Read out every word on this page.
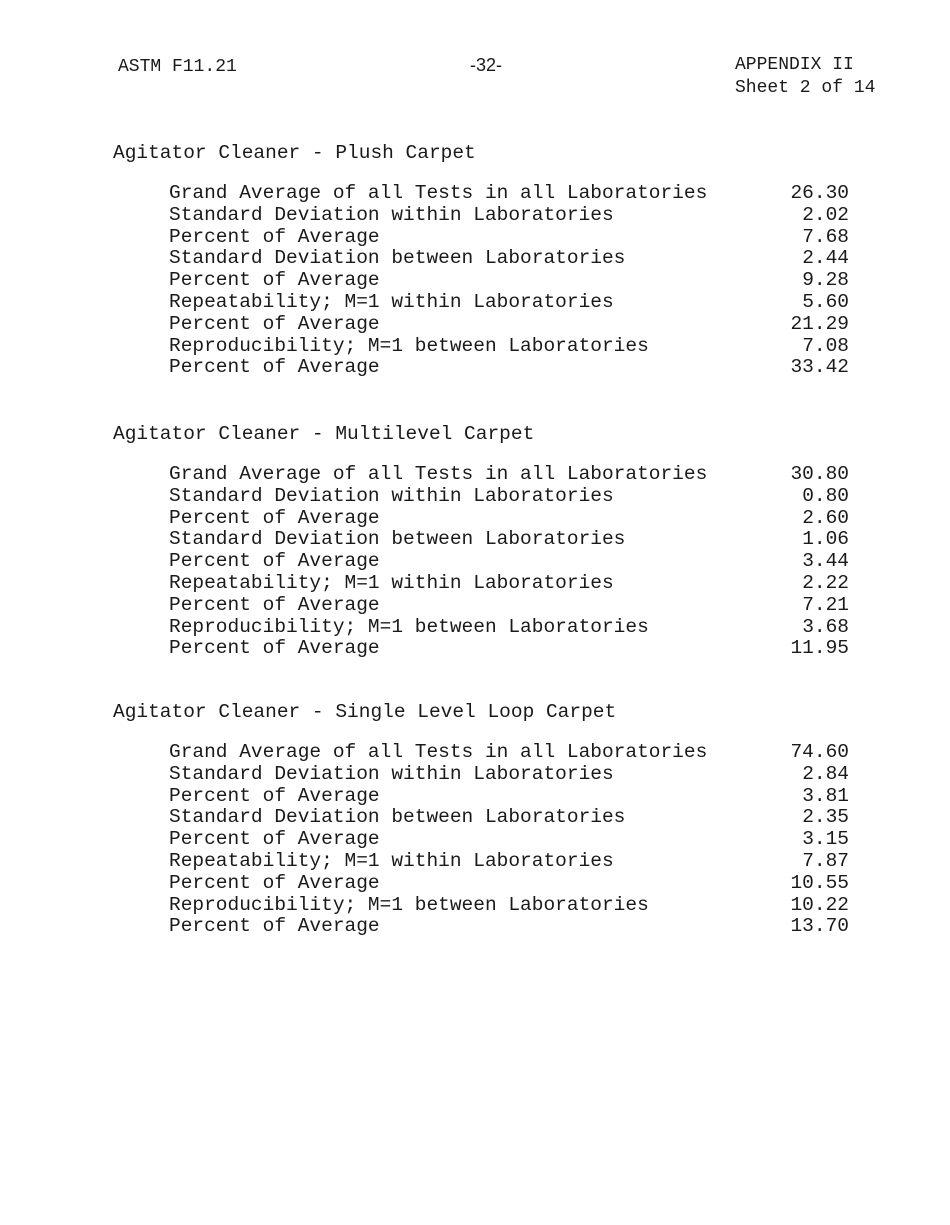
ASTM F11.21	-32-	APPENDIX II
Sheet 2 of 14
Agitator Cleaner - Plush Carpet
Grand Average of all Tests in all Laboratories	26.30
Standard Deviation within Laboratories	2.02
Percent of Average	7.68
Standard Deviation between Laboratories	2.44
Percent of Average	9.28
Repeatability; M=1 within Laboratories	5.60
Percent of Average	21.29
Reproducibility; M=1 between Laboratories	7.08
Percent of Average	33.42
Agitator Cleaner - Multilevel Carpet
Grand Average of all Tests in all Laboratories	30.80
Standard Deviation within Laboratories	0.80
Percent of Average	2.60
Standard Deviation between Laboratories	1.06
Percent of Average	3.44
Repeatability; M=1 within Laboratories	2.22
Percent of Average	7.21
Reproducibility; M=1 between Laboratories	3.68
Percent of Average	11.95
Agitator Cleaner - Single Level Loop Carpet
Grand Average of all Tests in all Laboratories	74.60
Standard Deviation within Laboratories	2.84
Percent of Average	3.81
Standard Deviation between Laboratories	2.35
Percent of Average	3.15
Repeatability; M=1 within Laboratories	7.87
Percent of Average	10.55
Reproducibility; M=1 between Laboratories	10.22
Percent of Average	13.70
